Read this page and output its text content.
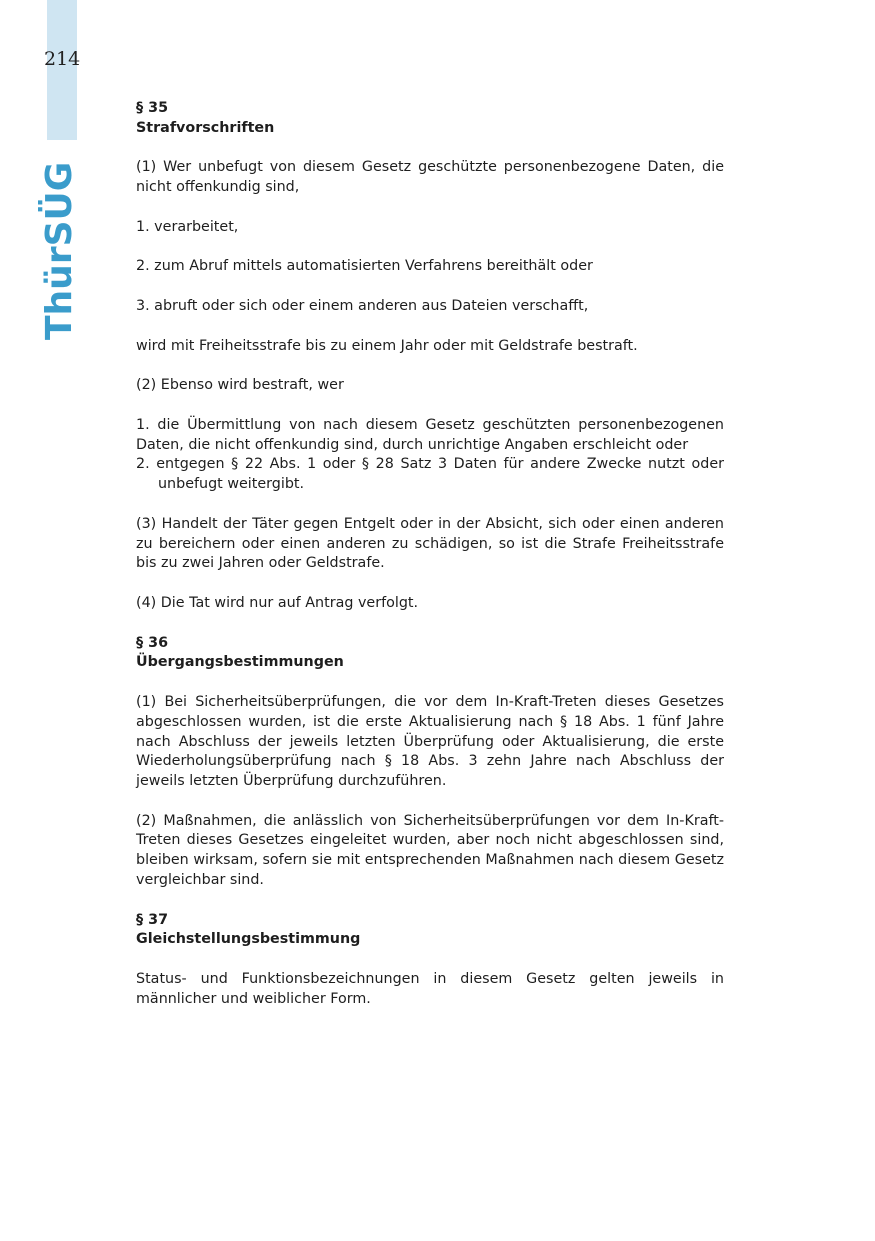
214
ThürSÜG
§ 35
Strafvorschriften
(1) Wer unbefugt von diesem Gesetz geschützte personenbezogene Daten, die nicht offenkundig sind,
1. verarbeitet,
2. zum Abruf mittels automatisierten Verfahrens bereithält oder
3. abruft oder sich oder einem anderen aus Dateien verschafft,
wird mit Freiheitsstrafe bis zu einem Jahr oder mit Geldstrafe bestraft.
(2) Ebenso wird bestraft, wer
1. die Übermittlung von nach diesem Gesetz geschützten personenbezogenen Daten, die nicht offenkundig sind, durch unrichtige Angaben erschleicht oder
2. entgegen § 22 Abs. 1 oder § 28 Satz 3 Daten für andere Zwecke nutzt oder unbefugt weitergibt.
(3) Handelt der Täter gegen Entgelt oder in der Absicht, sich oder einen anderen zu bereichern oder einen anderen zu schädigen, so ist die Strafe Freiheitsstrafe bis zu zwei Jahren oder Geldstrafe.
(4) Die Tat wird nur auf Antrag verfolgt.
§ 36
Übergangsbestimmungen
(1) Bei Sicherheitsüberprüfungen, die vor dem In-Kraft-Treten dieses Gesetzes abgeschlossen wurden, ist die erste Aktualisierung nach § 18 Abs. 1 fünf Jahre nach Abschluss der jeweils letzten Überprüfung oder Aktualisierung, die erste Wiederholungsüberprüfung nach § 18 Abs. 3 zehn Jahre nach Abschluss der jeweils letzten Überprüfung durchzuführen.
(2) Maßnahmen, die anlässlich von Sicherheitsüberprüfungen vor dem In-Kraft-Treten dieses Gesetzes eingeleitet wurden, aber noch nicht abgeschlossen sind, bleiben wirksam, sofern sie mit entsprechenden Maßnahmen nach diesem Gesetz vergleichbar sind.
§ 37
Gleichstellungsbestimmung
Status- und Funktionsbezeichnungen in diesem Gesetz gelten jeweils in männlicher und weiblicher Form.
